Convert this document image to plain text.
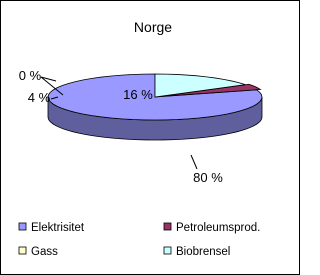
Norge
80 %
4 %
0 %
16 %
Elektrisitet	Petroleumsprod.
Gass	Biobrensel
